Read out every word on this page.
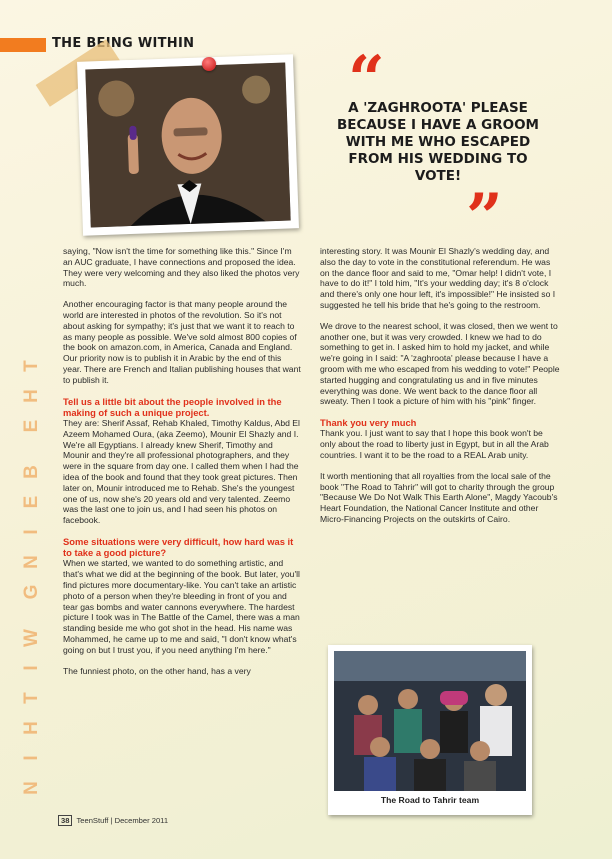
THE BEING WITHIN “
A 'ZAGHROOTA' PLEASE BECAUSE I HAVE A GROOM WITH ME WHO ESCAPED FROM HIS WEDDING TO VOTE!
”
T
H
E
B
E
I
N
G
W
I
T
H
I
N

saying, "Now isn't the time for something like this." Since I'm an AUC graduate, I have connections and proposed the idea. They were very welcoming and they also liked the photos very much.

Another encouraging factor is that many people around the world are interested in photos of the revolution. So it's not about asking for sympathy; it's just that we want it to reach to as many people as possible. We've sold almost 800 copies of the book on amazon.com, in America, Canada and England. Our priority now is to publish it in Arabic by the end of this year. There are French and Italian publishing houses that want to publish it.

Tell us a little bit about the people involved in the making of such a unique project.

They are: Sherif Assaf, Rehab Khaled, Timothy Kaldus, Abd El Azeem Mohamed Oura, (aka Zeemo), Mounir El Shazly and I. We're all Egyptians. I already knew Sherif, Timothy and Mounir and they're all professional photographers, and they were in the square from day one. I called them when I had the idea of the book and found that they took great pictures. Then later on, Mounir introduced me to Rehab. She's the youngest one of us, now she's 20 years old and very talented. Zeemo was the last one to join us, and I had seen his photos on facebook.

Some situations were very difficult, how hard was it to take a good picture?

When we started, we wanted to do something artistic, and that's what we did at the beginning of the book. But later, you'll find pictures more documentary-like. You can't take an artistic photo of a person when they're bleeding in front of you and tear gas bombs and water cannons everywhere. The hardest picture I took was in The Battle of the Camel, there was a man standing beside me who got shot in the head. His name was Mohammed, he came up to me and said, "I don't know what's going on but I trust you, if you need anything I'm here."

The funniest photo, on the other hand, has a very

interesting story. It was Mounir El Shazly's wedding day, and also the day to vote in the constitutional referendum. He was on the dance floor and said to me, "Omar help! I didn't vote, I have to do it!" I told him, "It's your wedding day; it's 8 o'clock and there's only one hour left, it's impossible!" He insisted so I suggested he tell his bride that he's going to the restroom.

We drove to the nearest school, it was closed, then we went to another one, but it was very crowded. I knew we had to do something to get in. I asked him to hold my jacket, and while we're going in I said: "A 'zaghroota' please because I have a groom with me who escaped from his wedding to vote!" People started hugging and congratulating us and in five minutes everything was done. We went back to the dance floor all sweaty. Then I took a picture of him with his "pink" finger.

Thank you very much

Thank you. I just want to say that I hope this book won't be only about the road to liberty just in Egypt, but in all the Arab countries. I want it to be the road to a REAL Arab unity.

It worth mentioning that all royalties from the local sale of the book "The Road to Tahrir" will got to charity through the group "Because We Do Not Walk This Earth Alone", Magdy Yacoub's Heart Foundation, the National Cancer Institute and other Micro-Financing Projects on the outskirts of Cairo.

The Road to Tahrir team
38 TeenStuff | December 2011
